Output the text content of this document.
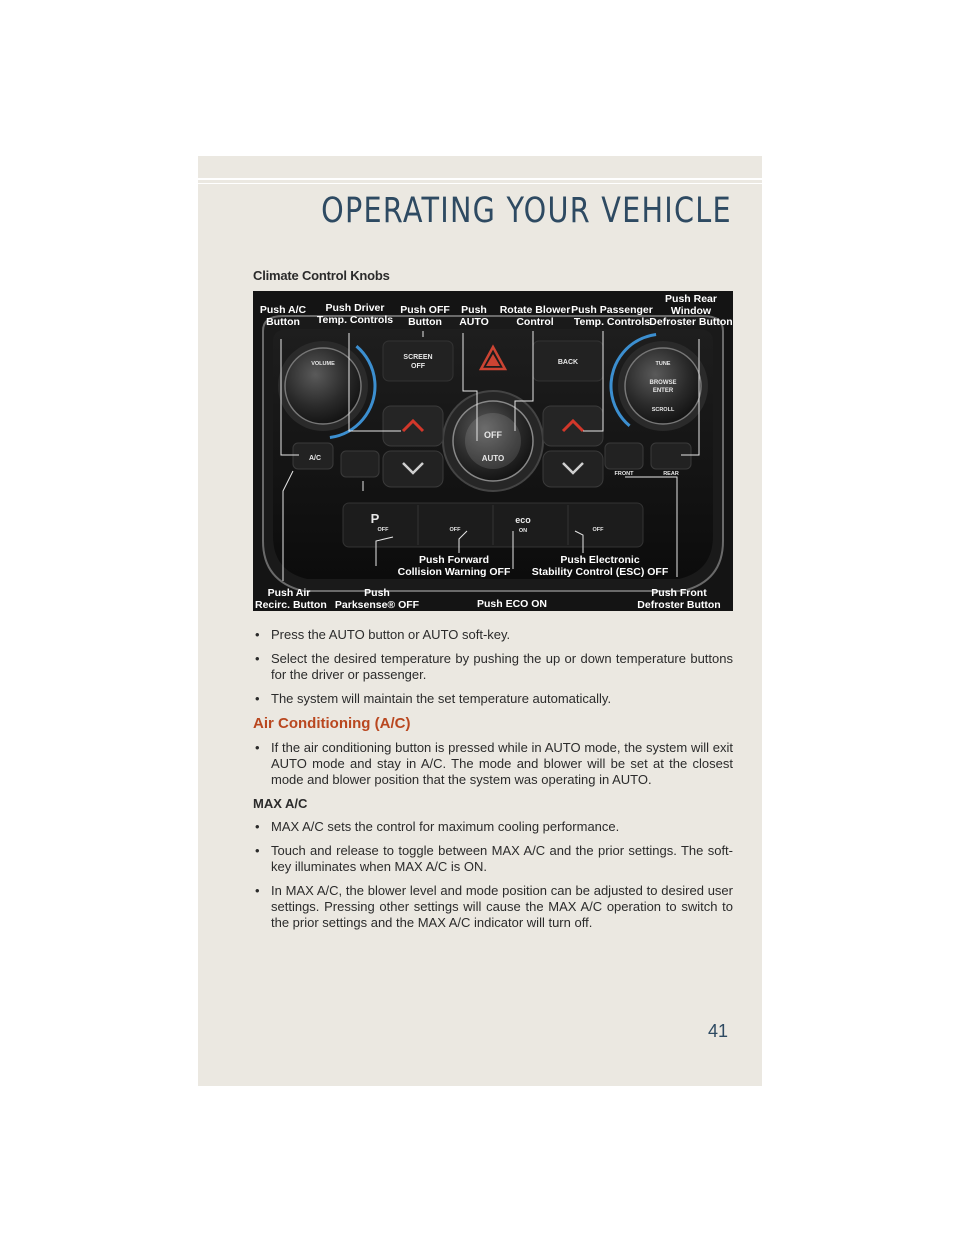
OPERATING YOUR VEHICLE
Climate Control Knobs
SCREEN
OFF
BACK
VOLUME	TUNE
BROWSE
ENTER
SCROLL
OFF
AUTO
A/C
FRONT	REAR
OFF	OFF
eco
ON	OFF
P
Push A/C
Button
Push Driver
Temp. Controls
Push OFF
Button
Push
AUTO
Rotate Blower
Control
Push Passenger
Temp. Controls
Push Rear
Window
Defroster Button
Push Forward
Collision Warning OFF
Push Electronic
Stability Control (ESC) OFF
Push Air
Recirc. Button
Push
Parksense® OFF	Push ECO ON
Push Front
Defroster Button
• Press the AUTO button or AUTO soft-key.
• Select the desired temperature by pushing the up or down temperature buttons for the driver or passenger.
• The system will maintain the set temperature automatically.
Air Conditioning (A/C)
• If the air conditioning button is pressed while in AUTO mode, the system will exit AUTO mode and stay in A/C. The mode and blower will be set at the closest mode and blower position that the system was operating in AUTO.
MAX A/C
• MAX A/C sets the control for maximum cooling performance.
• Touch and release to toggle between MAX A/C and the prior settings. The soft-key illuminates when MAX A/C is ON.
• In MAX A/C, the blower level and mode position can be adjusted to desired user settings. Pressing other settings will cause the MAX A/C operation to switch to the prior settings and the MAX A/C indicator will turn off.
41
